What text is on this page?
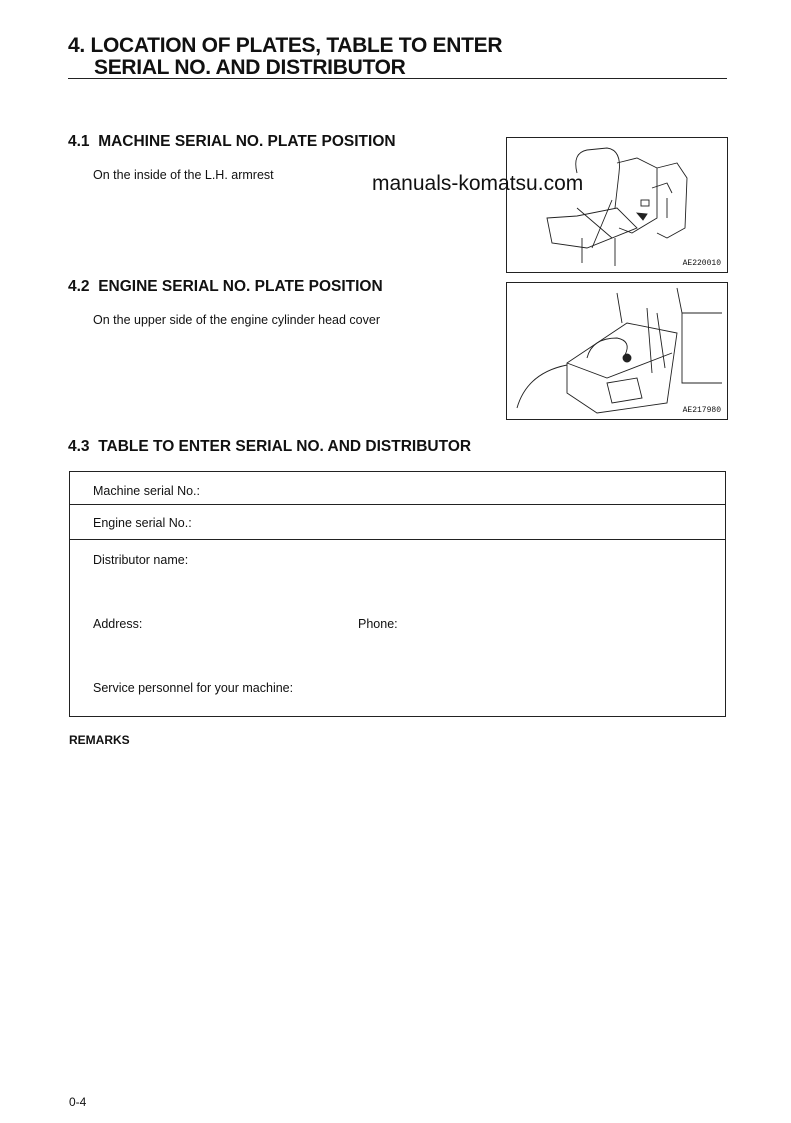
4. LOCATION OF PLATES, TABLE TO ENTER
SERIAL NO. AND DISTRIBUTOR
4.1 MACHINE SERIAL NO. PLATE POSITION
On the inside of the L.H. armrest	manuals-komatsu.com
AE220010
4.2 ENGINE SERIAL NO. PLATE POSITION
On the upper side of the engine cylinder head cover
AE217980
4.3 TABLE TO ENTER SERIAL NO. AND DISTRIBUTOR
Machine serial No.:
Engine serial No.:

Distributor name:
Address:	Phone:
Service personnel for your machine:
REMARKS
0-4
